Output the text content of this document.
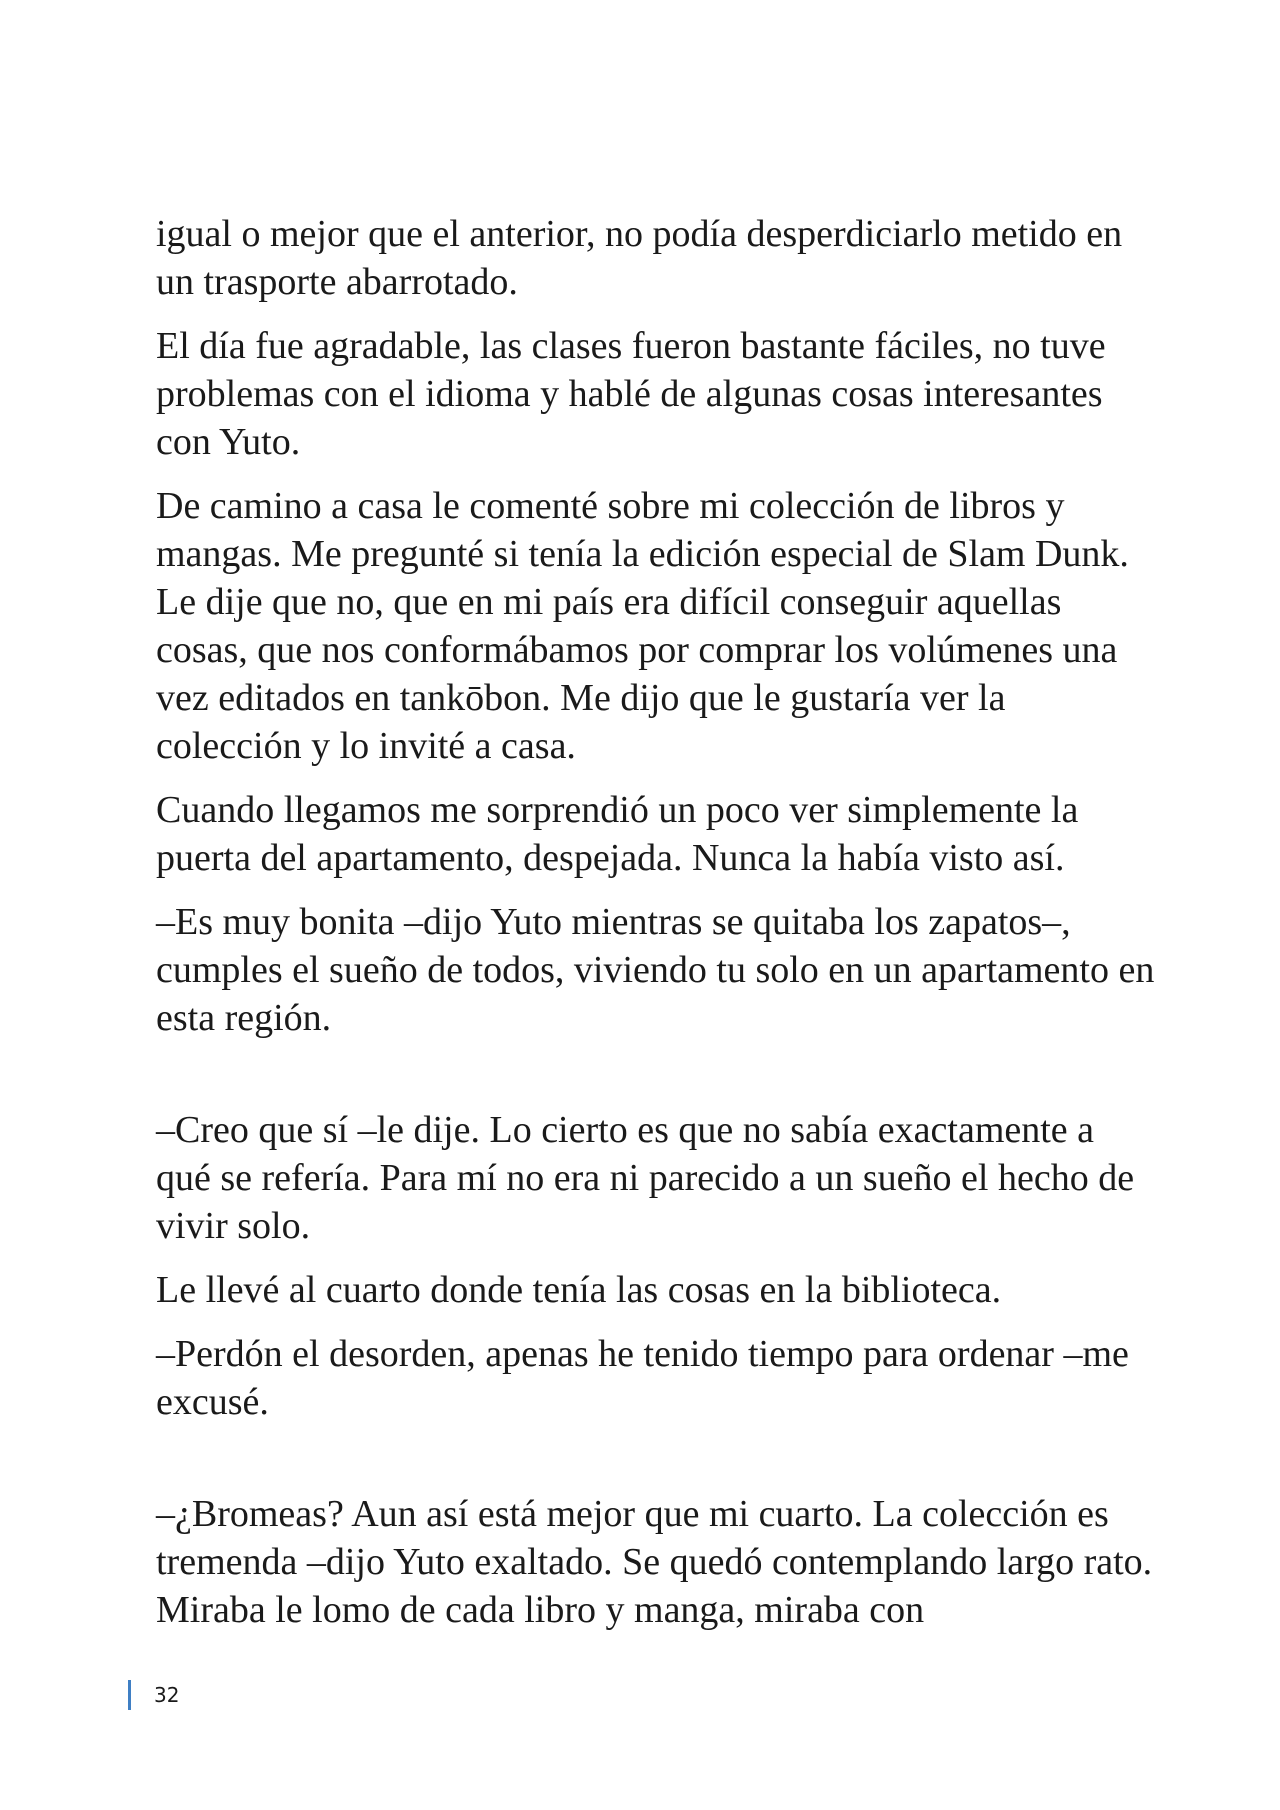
igual o mejor que el anterior, no podía desperdiciarlo metido en un trasporte abarrotado.

El día fue agradable, las clases fueron bastante fáciles, no tuve problemas con el idioma y hablé de algunas cosas interesantes con Yuto.

De camino a casa le comenté sobre mi colección de libros y mangas. Me pregunté si tenía la edición especial de Slam Dunk. Le dije que no, que en mi país era difícil conseguir aquellas cosas, que nos conformábamos por comprar los volúmenes una vez editados en tankōbon. Me dijo que le gustaría ver la colección y lo invité a casa.

Cuando llegamos me sorprendió un poco ver simplemente la puerta del apartamento, despejada. Nunca la había visto así.

–Es muy bonita –dijo Yuto mientras se quitaba los zapatos–, cumples el sueño de todos, viviendo tu solo en un apartamento en esta región.

–Creo que sí –le dije. Lo cierto es que no sabía exactamente a qué se refería. Para mí no era ni parecido a un sueño el hecho de vivir solo.

Le llevé al cuarto donde tenía las cosas en la biblioteca.

–Perdón el desorden, apenas he tenido tiempo para ordenar –me excusé.

–¿Bromeas? Aun así está mejor que mi cuarto. La colección es tremenda –dijo Yuto exaltado. Se quedó contemplando largo rato. Miraba le lomo de cada libro y manga, miraba con

32
